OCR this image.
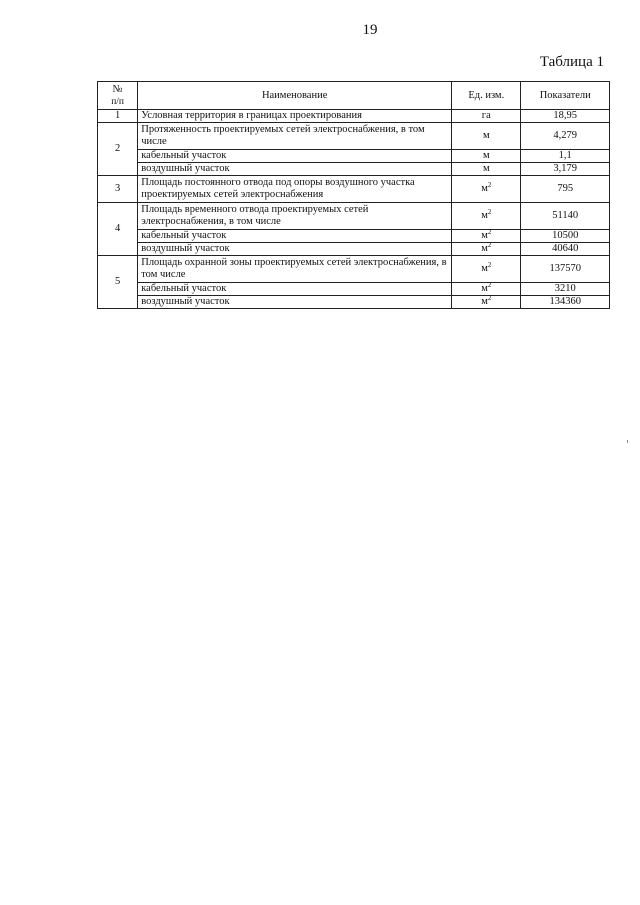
19
Таблица 1
№
п/п	Наименование	Ед. изм.	Показатели
1	Условная территория в границах проектирования	га	18,95
2	Протяженность проектируемых сетей электроснабжения, в том числе	м	4,279
	кабельный участок	м	1,1
	воздушный участок	м	3,179
3	Площадь постоянного отвода под опоры воздушного участка проектируемых сетей электроснабжения	$м^2$	795
4	Площадь временного отвода проектируемых сетей электроснабжения, в том числе	$м^2$	51140
	кабельный участок	$м^2$	10500
	воздушный участок	$м^2$	40640
5	Площадь охранной зоны проектируемых сетей электроснабжения, в том числе	$м^2$	137570
	кабельный участок	$м^2$	3210
	воздушный участок	$м^2$	134360
